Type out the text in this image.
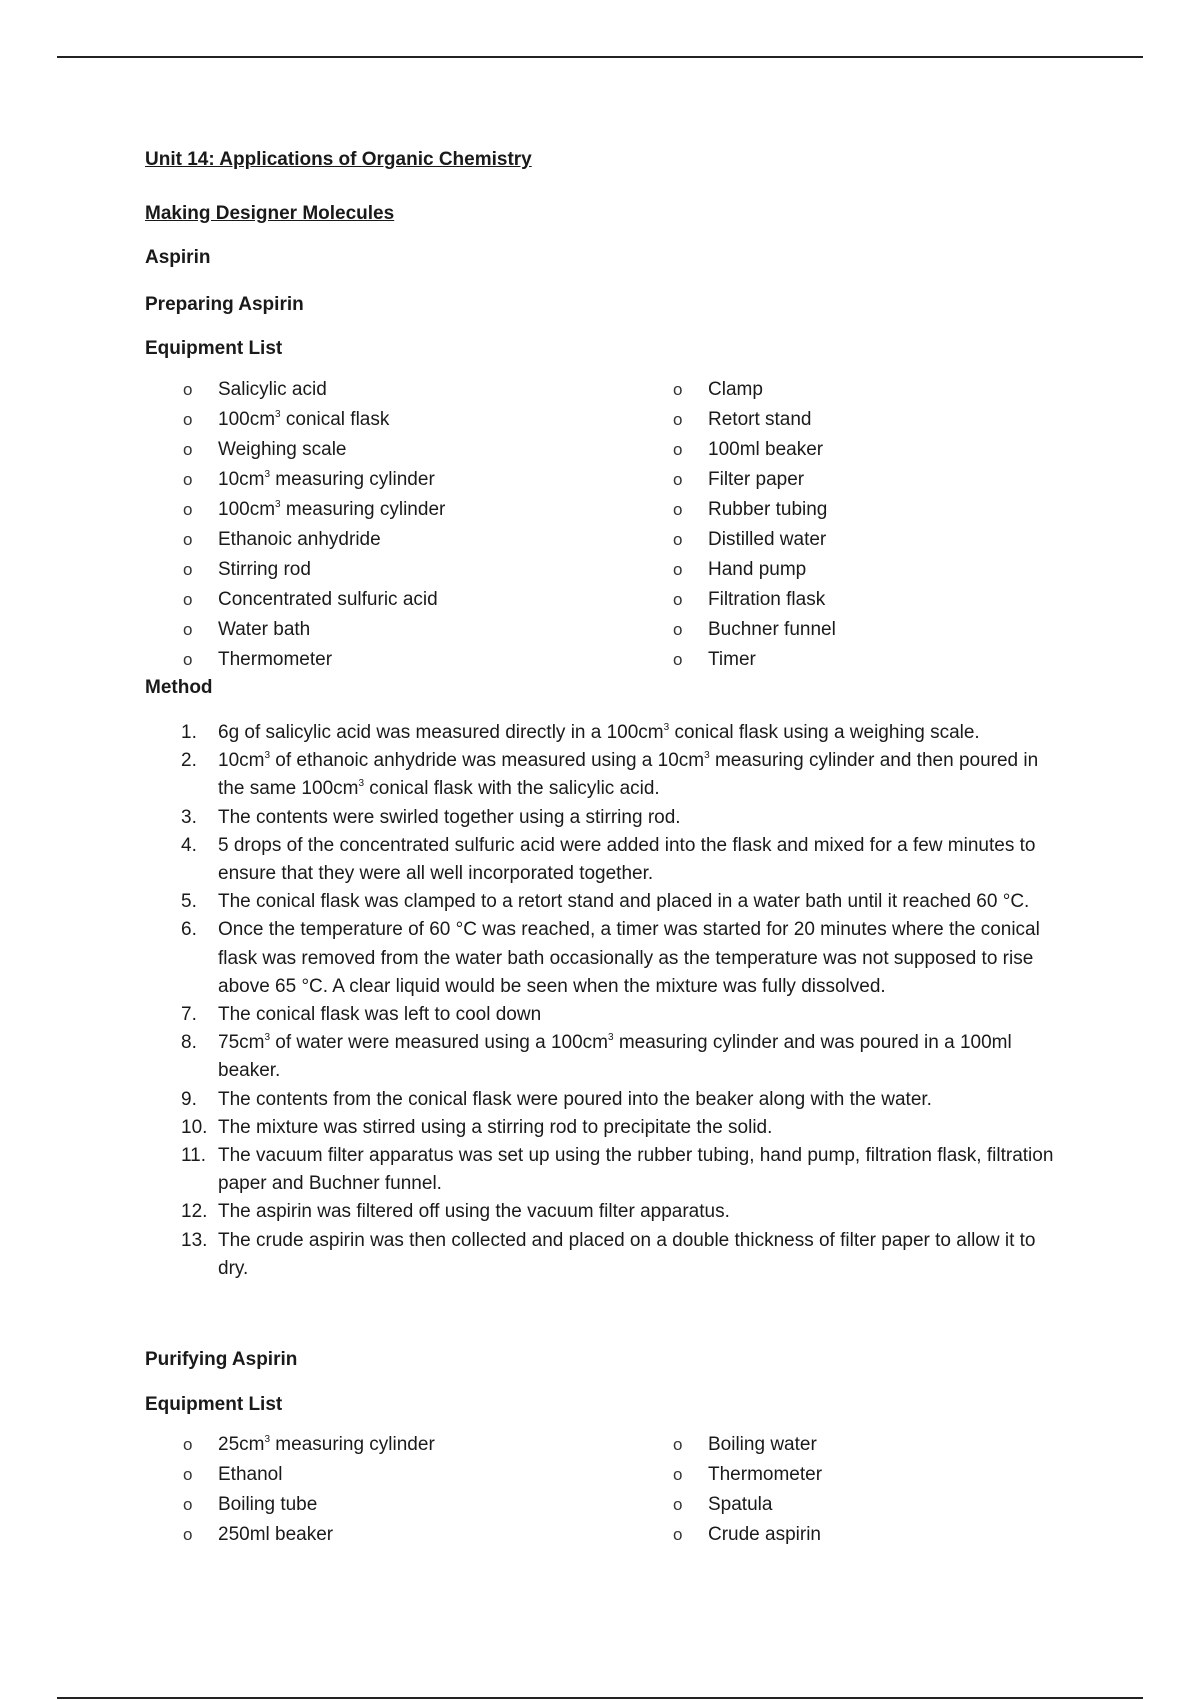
Unit 14: Applications of Organic Chemistry
Making Designer Molecules
Aspirin
Preparing Aspirin
Equipment List
o Salicylic acid
o $100cm^3$ conical flask
o Weighing scale
o $10cm^3$ measuring cylinder
o $100cm^3$ measuring cylinder
o Ethanoic anhydride
o Stirring rod
o Concentrated sulfuric acid
o Water bath
o Thermometer
o Clamp
o Retort stand
o 100ml beaker
o Filter paper
o Rubber tubing
o Distilled water
o Hand pump
o Filtration flask
o Buchner funnel
o Timer
Method
1.	6g of salicylic acid was measured directly in a $100cm^3$ conical flask using a weighing scale.
2.	$10cm^3$ of ethanoic anhydride was measured using a $10cm^3$ measuring cylinder and then poured in the same $100cm^3$ conical flask with the salicylic acid.
3.	The contents were swirled together using a stirring rod.
4.	5 drops of the concentrated sulfuric acid were added into the flask and mixed for a few minutes to ensure that they were all well incorporated together.
5.	The conical flask was clamped to a retort stand and placed in a water bath until it reached 60 °C.
6.	Once the temperature of 60 °C was reached, a timer was started for 20 minutes where the conical flask was removed from the water bath occasionally as the temperature was not supposed to rise above 65 °C. A clear liquid would be seen when the mixture was fully dissolved.
7.	The conical flask was left to cool down
8.	$75cm^3$ of water were measured using a $100cm^3$ measuring cylinder and was poured in a 100ml beaker.
9.	The contents from the conical flask were poured into the beaker along with the water.
10. The mixture was stirred using a stirring rod to precipitate the solid.
11. The vacuum filter apparatus was set up using the rubber tubing, hand pump, filtration flask, filtration paper and Buchner funnel.
12. The aspirin was filtered off using the vacuum filter apparatus.
13. The crude aspirin was then collected and placed on a double thickness of filter paper to allow it to dry.
Purifying Aspirin
Equipment List
o $25cm^3$ measuring cylinder
o Ethanol
o Boiling tube
o 250ml beaker
o Boiling water
o Thermometer
o Spatula
o Crude aspirin
